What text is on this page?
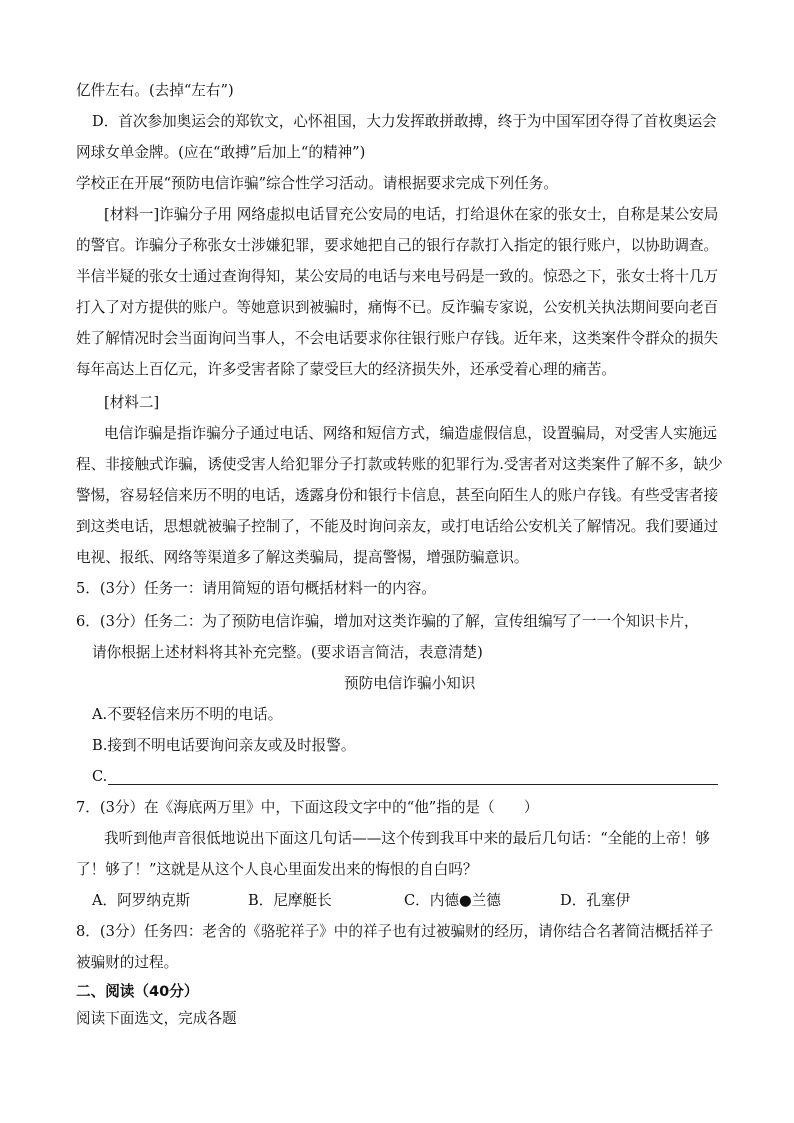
亿件左右。(去掉“左右”)
D．首次参加奥运会的郑钦文，心怀祖国，大力发挥敢拼敢搏，终于为中国军团夺得了首枚奥运会
网球女单金牌。(应在“敢搏”后加上“的精神”)
学校正在开展“预防电信诈骗”综合性学习活动。请根据要求完成下列任务。
[材料一]诈骗分子用 网络虚拟电话冒充公安局的电话，打给退休在家的张女士，自称是某公安局
的警官。诈骗分子称张女士涉嫌犯罪，要求她把自己的银行存款打入指定的银行账户，以协助调查。
半信半疑的张女士通过查询得知，某公安局的电话与来电号码是一致的。惊恐之下，张女士将十几万
打入了对方提供的账户。等她意识到被骗时，痛悔不已。反诈骗专家说，公安机关执法期间要向老百
姓了解情况时会当面询问当事人，不会电话要求你往银行账户存钱。近年来，这类案件令群众的损失
每年高达上百亿元，许多受害者除了蒙受巨大的经济损失外，还承受着心理的痛苦。
[材料二]
电信诈骗是指诈骗分子通过电话、网络和短信方式，编造虚假信息，设置骗局，对受害人实施远
程、非接触式诈骗，诱使受害人给犯罪分子打款或转账的犯罪行为.受害者对这类案件了解不多，缺少
警惕，容易轻信来历不明的电话，透露身份和银行卡信息，甚至向陌生人的账户存钱。有些受害者接
到这类电话，思想就被骗子控制了，不能及时询问亲友，或打电话给公安机关了解情况。我们要通过
电视、报纸、网络等渠道多了解这类骗局，提高警惕，增强防骗意识。
5．(3分）任务一：请用简短的语句概括材料一的内容。
6．(3分）任务二：为了预防电信诈骗，增加对这类诈骗的了解，宣传组编写了一一个知识卡片，
请你根据上述材料将其补充完整。(要求语言简洁，表意清楚)
预防电信诈骗小知识
A.不要轻信来历不明的电话。
B.接到不明电话要询问亲友或及时报警。
C.
7．(3分）在《海底两万里》中，下面这段文字中的“他”指的是（　　）
我听到他声音很低地说出下面这几句话——这个传到我耳中来的最后几句话：“全能的上帝！够
了！够了！”这就是从这个人良心里面发出来的悔恨的自白吗？
A．阿罗纳克斯	B．尼摩艇长	C．内德●兰德	D．孔塞伊
8．(3分）任务四：老舍的《骆驼祥子》中的祥子也有过被骗财的经历，请你结合名著简洁概括祥子
被骗财的过程。
二、阅读（40分）
阅读下面选文，完成各题
